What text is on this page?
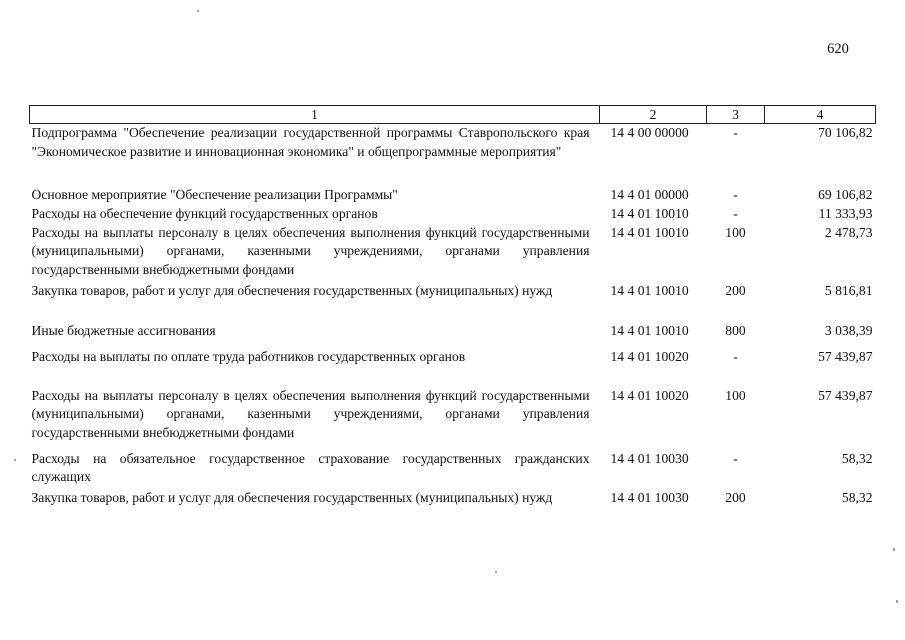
620
1	2	3	4
Подпрограмма "Обеспечение реализации государственной программы Ставропольского края "Экономическое развитие и инновационная экономика" и общепрограммные мероприятия"	14 4 00 00000	-	70 106,82
Основное мероприятие "Обеспечение реализации Программы"	14 4 01 00000	-	69 106,82
Расходы на обеспечение функций государственных органов	14 4 01 10010	-	11 333,93
Расходы на выплаты персоналу в целях обеспечения выполнения функций государственными (муниципальными) органами, казенными учреждениями, органами управления государственными внебюджетными фондами	14 4 01 10010	100	2 478,73
Закупка товаров, работ и услуг для обеспечения государственных (муниципальных) нужд	14 4 01 10010	200	5 816,81
Иные бюджетные ассигнования	14 4 01 10010	800	3 038,39
Расходы на выплаты по оплате труда работников государственных органов	14 4 01 10020	-	57 439,87
Расходы на выплаты персоналу в целях обеспечения выполнения функций государственными (муниципальными) органами, казенными учреждениями, органами управления государственными внебюджетными фондами	14 4 01 10020	100	57 439,87
Расходы на обязательное государственное страхование государственных гражданских служащих	14 4 01 10030	-	58,32
Закупка товаров, работ и услуг для обеспечения государственных (муниципальных) нужд	14 4 01 10030	200	58,32
